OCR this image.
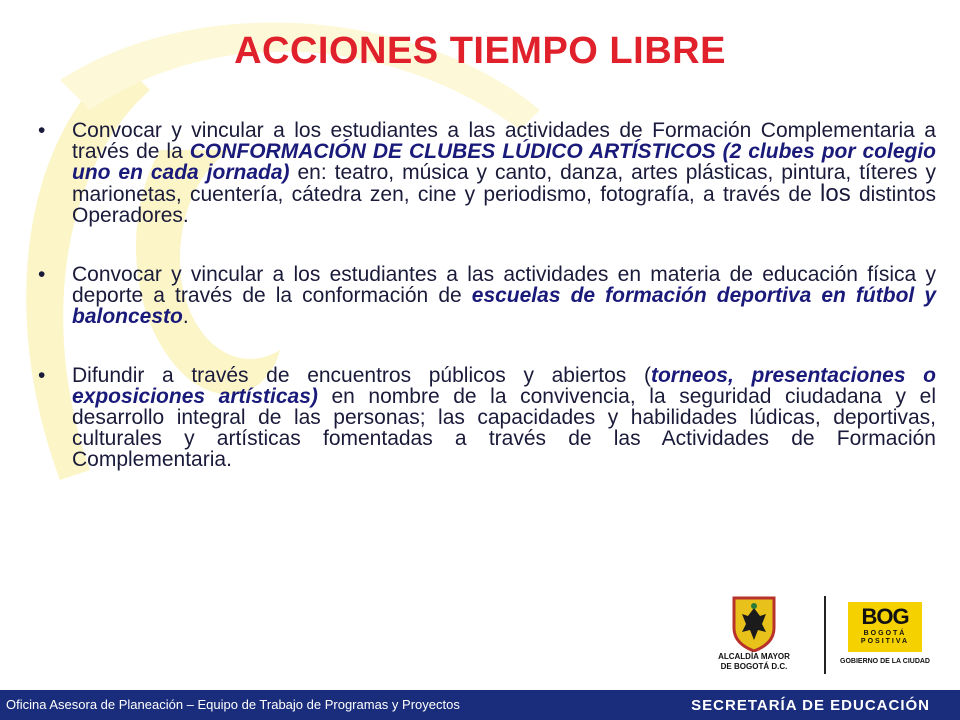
ACCIONES TIEMPO LIBRE
•	Convocar y vincular a los estudiantes a las actividades de Formación Complementaria a través de la CONFORMACIÓN DE CLUBES LÚDICO ARTÍSTICOS (2 clubes por colegio uno en cada jornada) en: teatro, música y canto, danza, artes plásticas, pintura, títeres y marionetas, cuentería, cátedra zen, cine y periodismo, fotografía, a través de los distintos Operadores.
•	Convocar y vincular a los estudiantes a las actividades en materia de educación física y deporte a través de la conformación de escuelas de formación deportiva en fútbol y baloncesto.
•	Difundir a través de encuentros públicos y abiertos (torneos, presentaciones o exposiciones artísticas) en nombre de la convivencia, la seguridad ciudadana y el desarrollo integral de las personas; las capacidades y habilidades lúdicas, deportivas, culturales y artísticas fomentadas a través de las Actividades de Formación Complementaria.
ALCALDÍA MAYOR
DE BOGOTÁ D.C.
BOG
BOGOTÁ
POSITIVA
GOBIERNO DE LA CIUDAD
Oficina Asesora de Planeación – Equipo de Trabajo de Programas y Proyectos	SECRETARÍA DE EDUCACIÓN
